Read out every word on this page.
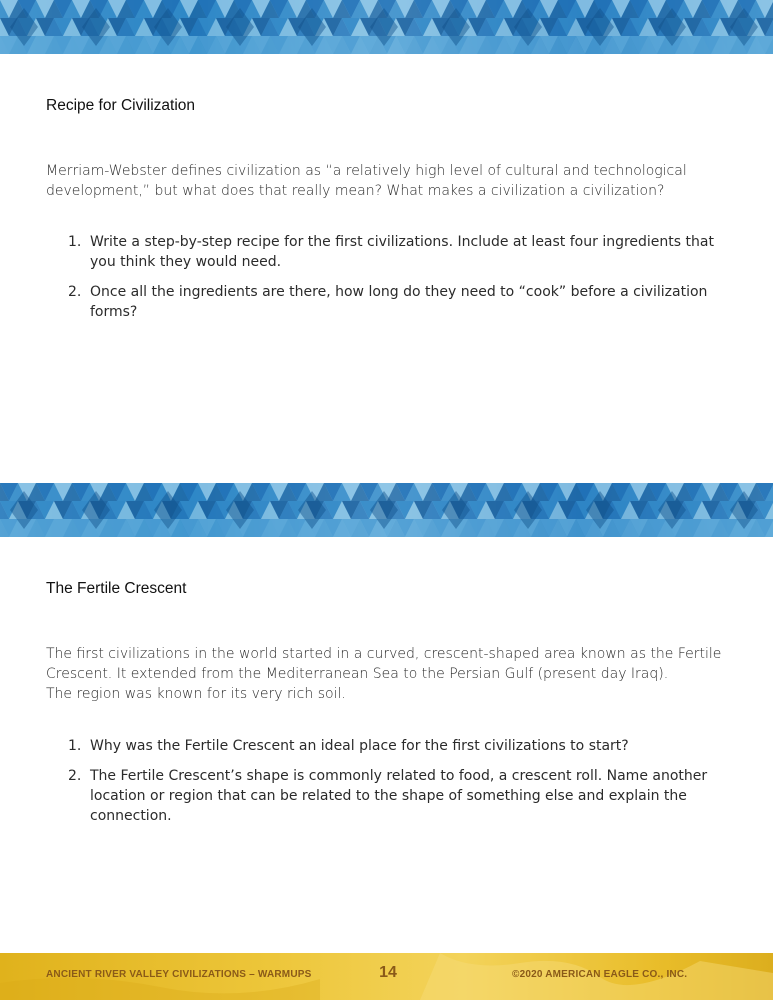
Recipe for Civilization

Merriam-Webster defines civilization as “a relatively high level of cultural and technological
development,” but what does that really mean? What makes a civilization a civilization?

1. Write a step-by-step recipe for the first civilizations. Include at least four ingredients that
you think they would need.
2. Once all the ingredients are there, how long do they need to “cook” before a civilization
forms?
The Fertile Crescent

The first civilizations in the world started in a curved, crescent-shaped area known as the Fertile
Crescent. It extended from the Mediterranean Sea to the Persian Gulf (present day Iraq).
The region was known for its very rich soil.

1. Why was the Fertile Crescent an ideal place for the first civilizations to start?
2. The Fertile Crescent’s shape is commonly related to food, a crescent roll. Name another
location or region that can be related to the shape of something else and explain the
connection.
ANCIENT RIVER VALLEY CIVILIZATIONS – WARMUPS	14	©2020 AMERICAN EAGLE CO., INC.
